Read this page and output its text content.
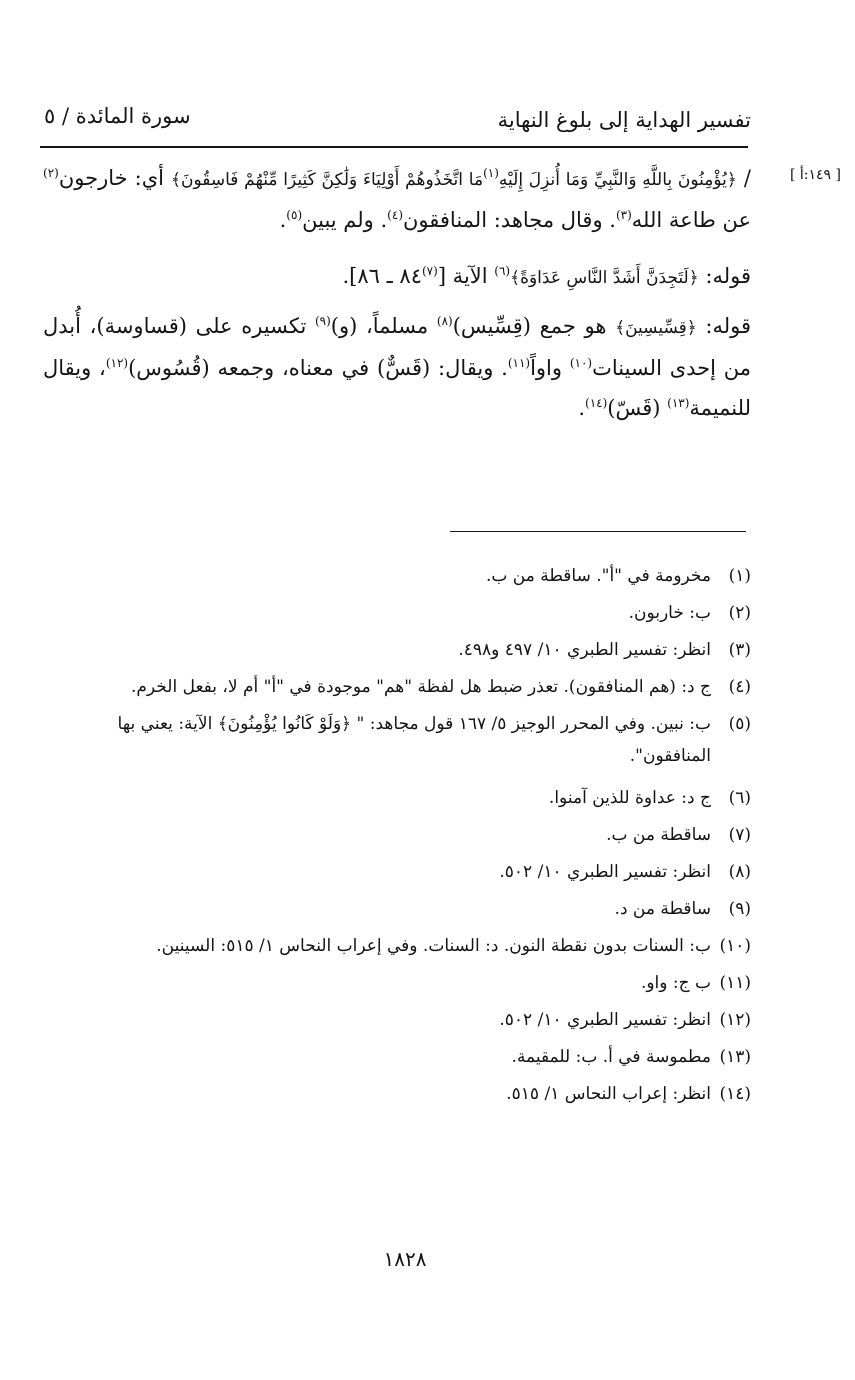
تفسير الهداية إلى بلوغ النهاية
سورة المائدة / ٥
[ ١٤٩:أ ]

/ ﴿يُؤْمِنُونَ بِاللَّهِ وَالنَّبِيِّ وَمَا أُنزِلَ إِلَيْهِ$^{(١)}$مَا اتَّخَذُوهُمْ أَوْلِيَاءَ وَلَٰكِنَّ كَثِيرًا مِّنْهُمْ فَاسِقُونَ﴾ أي: خارجون$^{(٢)}$ عن طاعة الله$^{(٣)}$. وقال مجاهد: المنافقون$^{(٤)}$. ولم يبين$^{(٥)}$.

قوله: ﴿لَتَجِدَنَّ أَشَدَّ النَّاسِ عَدَاوَةً﴾$^{(٦)}$ الآية [$^{(٧)}$٨٤ ـ ٨٦].

قوله: ﴿قِسِّيسِينَ﴾ هو جمع (قِسِّيس)$^{(٨)}$ مسلماً، (و)$^{(٩)}$ تكسيره على (قساوسة)، أُبدل من إحدى السينات$^{(١٠)}$ واواً$^{(١١)}$. ويقال: (قَسٌّ) في معناه، وجمعه (قُسُوس)$^{(١٢)}$، ويقال للنميمة$^{(١٣)}$ (قَسّ)$^{(١٤)}$.

(١)
مخرومة في "أ". ساقطة من ب.
(٢)
ب: خاربون.
(٣)
انظر: تفسير الطبري ١٠/ ٤٩٧ و٤٩٨.
(٤)
ج د: (هم المنافقون). تعذر ضبط هل لفظة "هم" موجودة في "أ" أم لا، بفعل الخرم.
(٥)
ب: نبين. وفي المحرر الوجيز ٥/ ١٦٧ قول مجاهد: " ﴿وَلَوْ كَانُوا يُؤْمِنُونَ﴾ الآية: يعني بها المنافقون".
(٦)
ج د: عداوة للذين آمنوا.
(٧)
ساقطة من ب.
(٨)
انظر: تفسير الطبري ١٠/ ٥٠٢.
(٩)
ساقطة من د.
(١٠)
ب: السنات بدون نقطة النون. د: السنات. وفي إعراب النحاس ١/ ٥١٥: السينين.
(١١)
ب ج: واو.
(١٢)
انظر: تفسير الطبري ١٠/ ٥٠٢.
(١٣)
مطموسة في أ. ب: للمقيمة.
(١٤)
انظر: إعراب النحاس ١/ ٥١٥.
١٨٢٨
